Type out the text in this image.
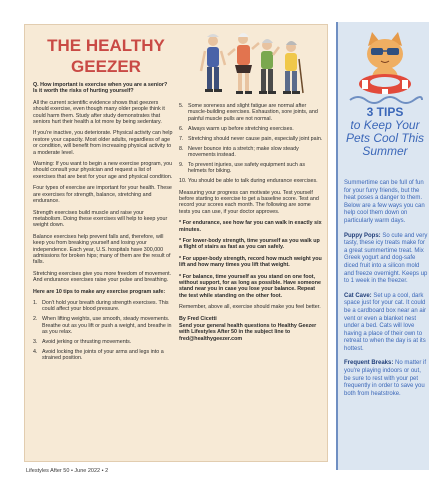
THE HEALTHY GEEZER

Q. How important is exercise when you are a senior? Is it worth the risks of hurting yourself?

All the current scientific evidence shows that geezers should exercise, even though many older people think it could harm them. Study after study demonstrates that seniors hurt their health a lot more by being sedentary.

If you're inactive, you deteriorate. Physical activity can help restore your capacity. Most older adults, regardless of age or condition, will benefit from increasing physical activity to a moderate level.

Warning: If you want to begin a new exercise program, you should consult your physician and request a list of exercises that are best for your age and physical condition.

Four types of exercise are important for your health. These are exercises for strength, balance, stretching and endurance.

Strength exercises build muscle and raise your metabolism. Doing these exercises will help to keep your weight down.

Balance exercises help prevent falls and, therefore, will keep you from breaking yourself and losing your independence. Each year, U.S. hospitals have 300,000 admissions for broken hips; many of them are the result of falls.

Stretching exercises give you more freedom of movement. And endurance exercises raise your pulse and breathing.

Here are 10 tips to make any exercise program safe:

1. Don't hold your breath during strength exercises. This could affect your blood pressure.
2. When lifting weights, use smooth, steady movements. Breathe out as you lift or push a weight, and breathe in as you relax.
3. Avoid jerking or thrusting movements.
4. Avoid locking the joints of your arms and legs into a strained position.
5. Some soreness and slight fatigue are normal after muscle-building exercises. Exhaustion, sore joints, and painful muscle pulls are not normal.
6. Always warm up before stretching exercises.
7. Stretching should never cause pain, especially joint pain.
8. Never bounce into a stretch; make slow steady movements instead.
9. To prevent injuries, use safety equipment such as helmets for biking.
10. You should be able to talk during endurance exercises.

Measuring your progress can motivate you. Test yourself before starting to exercise to get a baseline score. Test and record your scores each month. The following are some tests you can use, if your doctor approves.

* For endurance, see how far you can walk in exactly six minutes.

* For lower-body strength, time yourself as you walk up a flight of stairs as fast as you can safely.

* For upper-body strength, record how much weight you lift and how many times you lift that weight.

* For balance, time yourself as you stand on one foot, without support, for as long as possible. Have someone stand near you in case you lose your balance. Repeat the test while standing on the other foot.

Remember, above all, exercise should make you feel better.

By Fred Cicetti

Send your general health questions to Healthy Geezer with Lifestyles After 50 in the subject line to fred@healthygeezer.com

Lifestyles After 50 • June 2022 • 2
3 TIPS
to Keep Your Pets Cool This Summer

Summertime can be full of fun for your furry friends, but the heat poses a danger to them. Below are a few ways you can help cool them down on particularly warm days.

Puppy Pops: So cute and very tasty, these icy treats make for a great summertime treat. Mix Greek yogurt and dog-safe diced fruit into a silicon mold and freeze overnight. Keeps up to 1 week in the freezer.

Cat Cave: Set up a cool, dark space just for your cat. It could be a cardboard box near an air vent or even a blanket nest under a bed. Cats will love having a place of their own to retreat to when the day is at its hottest.

Frequent Breaks: No matter if you're playing indoors or out, be sure to rest with your pet frequently in order to save you both from heatstroke.
